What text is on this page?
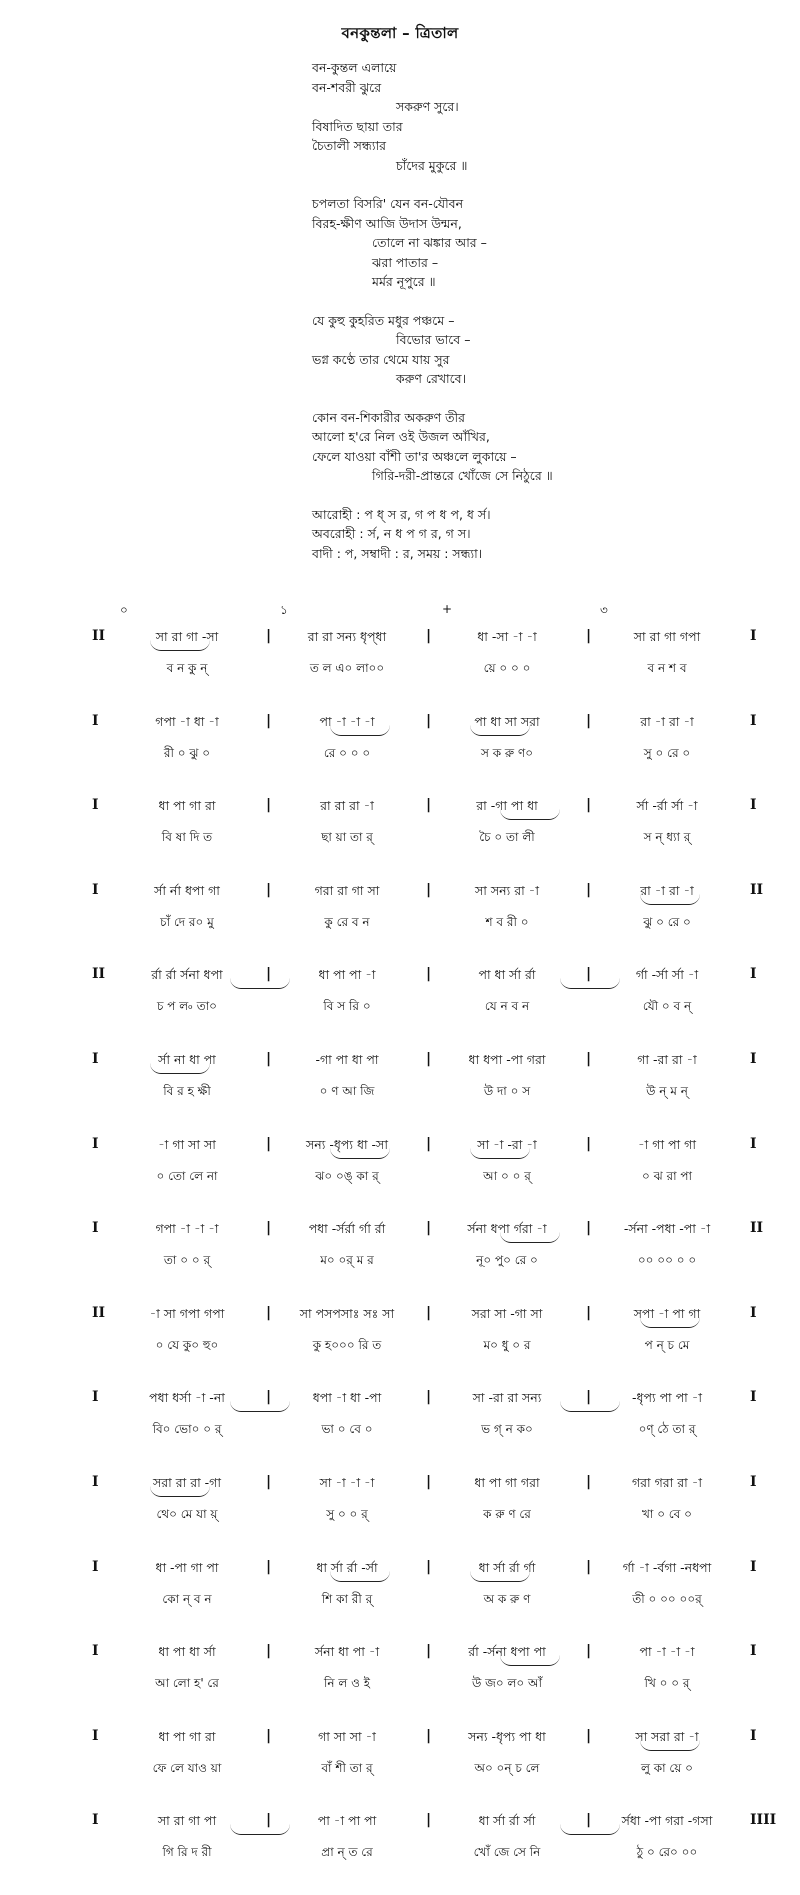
বনকুন্তলা – ত্রিতাল
বন-কুন্তল এলায়ে
বন-শবরী ঝুরে
সকরুণ সুরে।
বিষাদিত ছায়া তার
চৈতালী সন্ধ্যার
চাঁদের মুকুরে ॥
চপলতা বিসরি' যেন বন-যৌবন
বিরহ-ক্ষীণ আজি উদাস উন্মন,
তোলে না ঝঙ্কার আর –
ঝরা পাতার –
মর্মর নূপুরে ॥
যে কুহু কুহরিত মধুর পঞ্চমে –
বিভোর ভাবে –
ভগ্ন কণ্ঠে তার থেমে যায় সুর
করুণ রেখাবে।
কোন বন-শিকারীর অকরুণ তীর
আলো হ'রে নিল ওই উজল আঁখির,
ফেলে যাওয়া বাঁশী তা'র অঞ্চলে লুকায়ে –
গিরি-দরী-প্রান্তরে খোঁজে সে নিঠুরে ॥
আরোহী : প ধ্ স র, গ প ধ প, ধ র্স।
অবরোহী : র্স, ন ধ প গ র, গ স।
বাদী : প, সম্বাদী : র, সময় : সন্ধ্যা।
০	১	+	৩
II	সা রা গা -সা	রা রা সন্য ধৃপ্ধা	ধা -সা -া -া	সা রা গা গপা
|	|	|
ব ন কু ন্	ত ল এ০ লা০০	য়ে ০ ০ ০	ব ন শ ব
I
I	গপা -া ধা -া	পা -া -া -া	পা ধা সা সরা	রা -া রা -া
|	|	|
রী ০ ঝু ০	রে ০ ০ ০	স ক রু ণ০	সু ০ রে ০
I
I	ধা পা গা রা	রা রা রা -া	রা -গা পা ধা	র্সা -র্রা র্সা -া
|	|	|
বি ষা দি ত	ছা য়া তা র্	চৈ ০ তা লী	স ন্ ধ্যা র্
I
I	র্সা র্না ধপা গা	গরা রা গা সা	সা সন্য রা -া	রা -া রা -া
|	|	|
চাঁ দে র০ মু	কু রে ব ন	শ ব রী ০	ঝু ০ রে ০
II
II	র্রা র্রা র্সনা ধপা	ধা পা পা -া	পা ধা র্সা র্রা	র্গা -র্সা র্সা -া
|	|	|
চ প ল৹ তা০	বি স রি ০	যে ন ব ন	যৌ ০ ব ন্
I
I	র্সা না ধা পা	-গা পা ধা পা	ধা ধপা -পা গরা	গা -রা রা -া
|	|	|
বি র হ ক্ষী	০ ণ আ জি	উ দা ০ স	উ ন্ ম ন্
I
I	-া গা সা সা	সন্য -ধৃপ্য ধা -সা	সা -া -রা -া	-া গা পা গা
|	|	|
০ তো লে না	ঝ০ ০ঙ্ কা র্	আ ০ ০ র্	০ ঝ রা পা
I
I	গপা -া -া -া	পধা -র্সর্রা র্গা র্রা	র্সনা ধপা র্গরা -া	-র্সনা -পধা -পা -া
|	|	|
তা ০ ০ র্	ম০ ০র্ ম র	নূ০ পু০ রে ০	০০ ০০ ০ ০
II
II	-া সা গপা গপা	সা পসপসাঃ সঃ সা	সরা সা -গা সা	সপা -া পা গা
|	|	|
০ যে কু০ হু০	কু হ০০০ রি ত	ম০ ধু ০ র	প ন্ চ মে
I
I	পধা ধর্সা -া -না	ধপা -া ধা -পা	সা -রা রা সন্য	-ধৃপ্য পা পা -া
|	|	|
বি০ ভো০ ০ র্	ভা ০ বে ০	ভ গ্ ন ক০	০ণ্ ঠে তা র্
I
I	সরা রা রা -গা	সা -া -া -া	ধা পা গা গরা	গরা গরা রা -া
|	|	|
থে০ মে যা য়্	সু ০ ০ র্	ক রু ণ রে	খা ০ বে ০
I
I	ধা -পা গা পা	ধা র্সা র্রা -র্সা	ধা র্সা র্রা র্গা	র্গা -া -র্বগা -নধপা
|	|	|
কো ন্ ব ন	শি কা রী র্	অ ক রু ণ	তী ০ ০০ ০০র্
I
I	ধা পা ধা র্সা	র্সনা ধা পা -া	র্রা -র্সনা ধপা পা	পা -া -া -া
|	|	|
আ লো হ' রে	নি ল ও ই	উ জ০ ল০ আঁ	খি ০ ০ র্
I
I	ধা পা গা রা	গা সা সা -া	সন্য -ধৃপ্য পা ধা	সা সরা রা -া
|	|	|
ফে লে যাও য়া	বাঁ শী তা র্	অ০ ০ন্ চ লে	লু কা য়ে ০
I
I	সা রা গা পা	পা -া পা পা	ধা র্সা র্রা র্সা	র্সধা -পা গরা -গসা
|	|	|
গি রি দ রী	প্রা ন্ ত রে	খোঁ জে সে নি	ঠু ০ রে০ ০০
IIII
